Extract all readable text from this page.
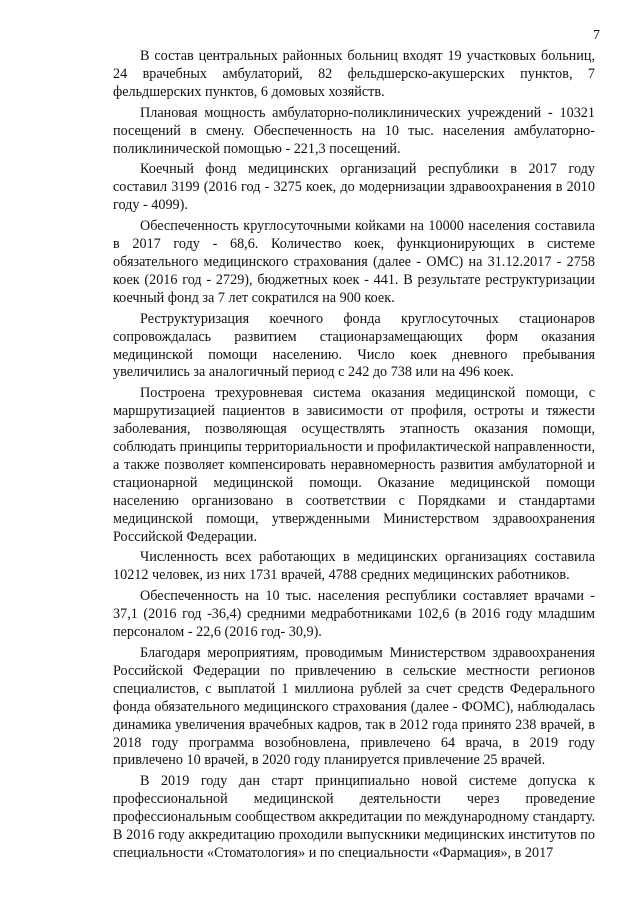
7

В состав центральных районных больниц входят 19 участковых больниц, 24 врачебных амбулаторий, 82 фельдшерско-акушерских пунктов, 7 фельдшерских пунктов, 6 домовых хозяйств.

Плановая мощность амбулаторно-поликлинических учреждений - 10321 посещений в смену. Обеспеченность на 10 тыс. населения амбулаторно-поликлинической помощью - 221,3 посещений.

Коечный фонд медицинских организаций республики в 2017 году составил 3199 (2016 год - 3275 коек, до модернизации здравоохранения в 2010 году - 4099).

Обеспеченность круглосуточными койками на 10000 населения составила в 2017 году - 68,6. Количество коек, функционирующих в системе обязательного медицинского страхования (далее - ОМС) на 31.12.2017 - 2758 коек (2016 год - 2729), бюджетных коек - 441. В результате реструктуризации коечный фонд за 7 лет сократился на 900 коек.

Реструктуризация коечного фонда круглосуточных стационаров сопровождалась развитием стационарзамещающих форм оказания медицинской помощи населению. Число коек дневного пребывания увеличились за аналогичный период с 242 до 738 или на 496 коек.

Построена трехуровневая система оказания медицинской помощи, с маршрутизацией пациентов в зависимости от профиля, остроты и тяжести заболевания, позволяющая осуществлять этапность оказания помощи, соблюдать принципы территориальности и профилактической направленности, а также позволяет компенсировать неравномерность развития амбулаторной и стационарной медицинской помощи. Оказание медицинской помощи населению организовано в соответствии с Порядками и стандартами медицинской помощи, утвержденными Министерством здравоохранения Российской Федерации.

Численность всех работающих в медицинских организациях составила 10212 человек, из них 1731 врачей, 4788 средних медицинских работников.

Обеспеченность на 10 тыс. населения республики составляет врачами - 37,1 (2016 год -36,4) средними медработниками 102,6 (в 2016 году младшим персоналом - 22,6 (2016 год- 30,9).

Благодаря мероприятиям, проводимым Министерством здравоохранения Российской Федерации по привлечению в сельские местности регионов специалистов, с выплатой 1 миллиона рублей за счет средств Федерального фонда обязательного медицинского страхования (далее - ФОМС), наблюдалась динамика увеличения врачебных кадров, так в 2012 года принято 238 врачей, в 2018 году программа возобновлена, привлечено 64 врача, в 2019 году привлечено 10 врачей, в 2020 году планируется привлечение 25 врачей.

В 2019 году дан старт принципиально новой системе допуска к профессиональной медицинской деятельности через проведение профессиональным сообществом аккредитации по международному стандарту. В 2016 году аккредитацию проходили выпускники медицинских институтов по специальности «Стоматология» и по специальности «Фармация», в 2017
